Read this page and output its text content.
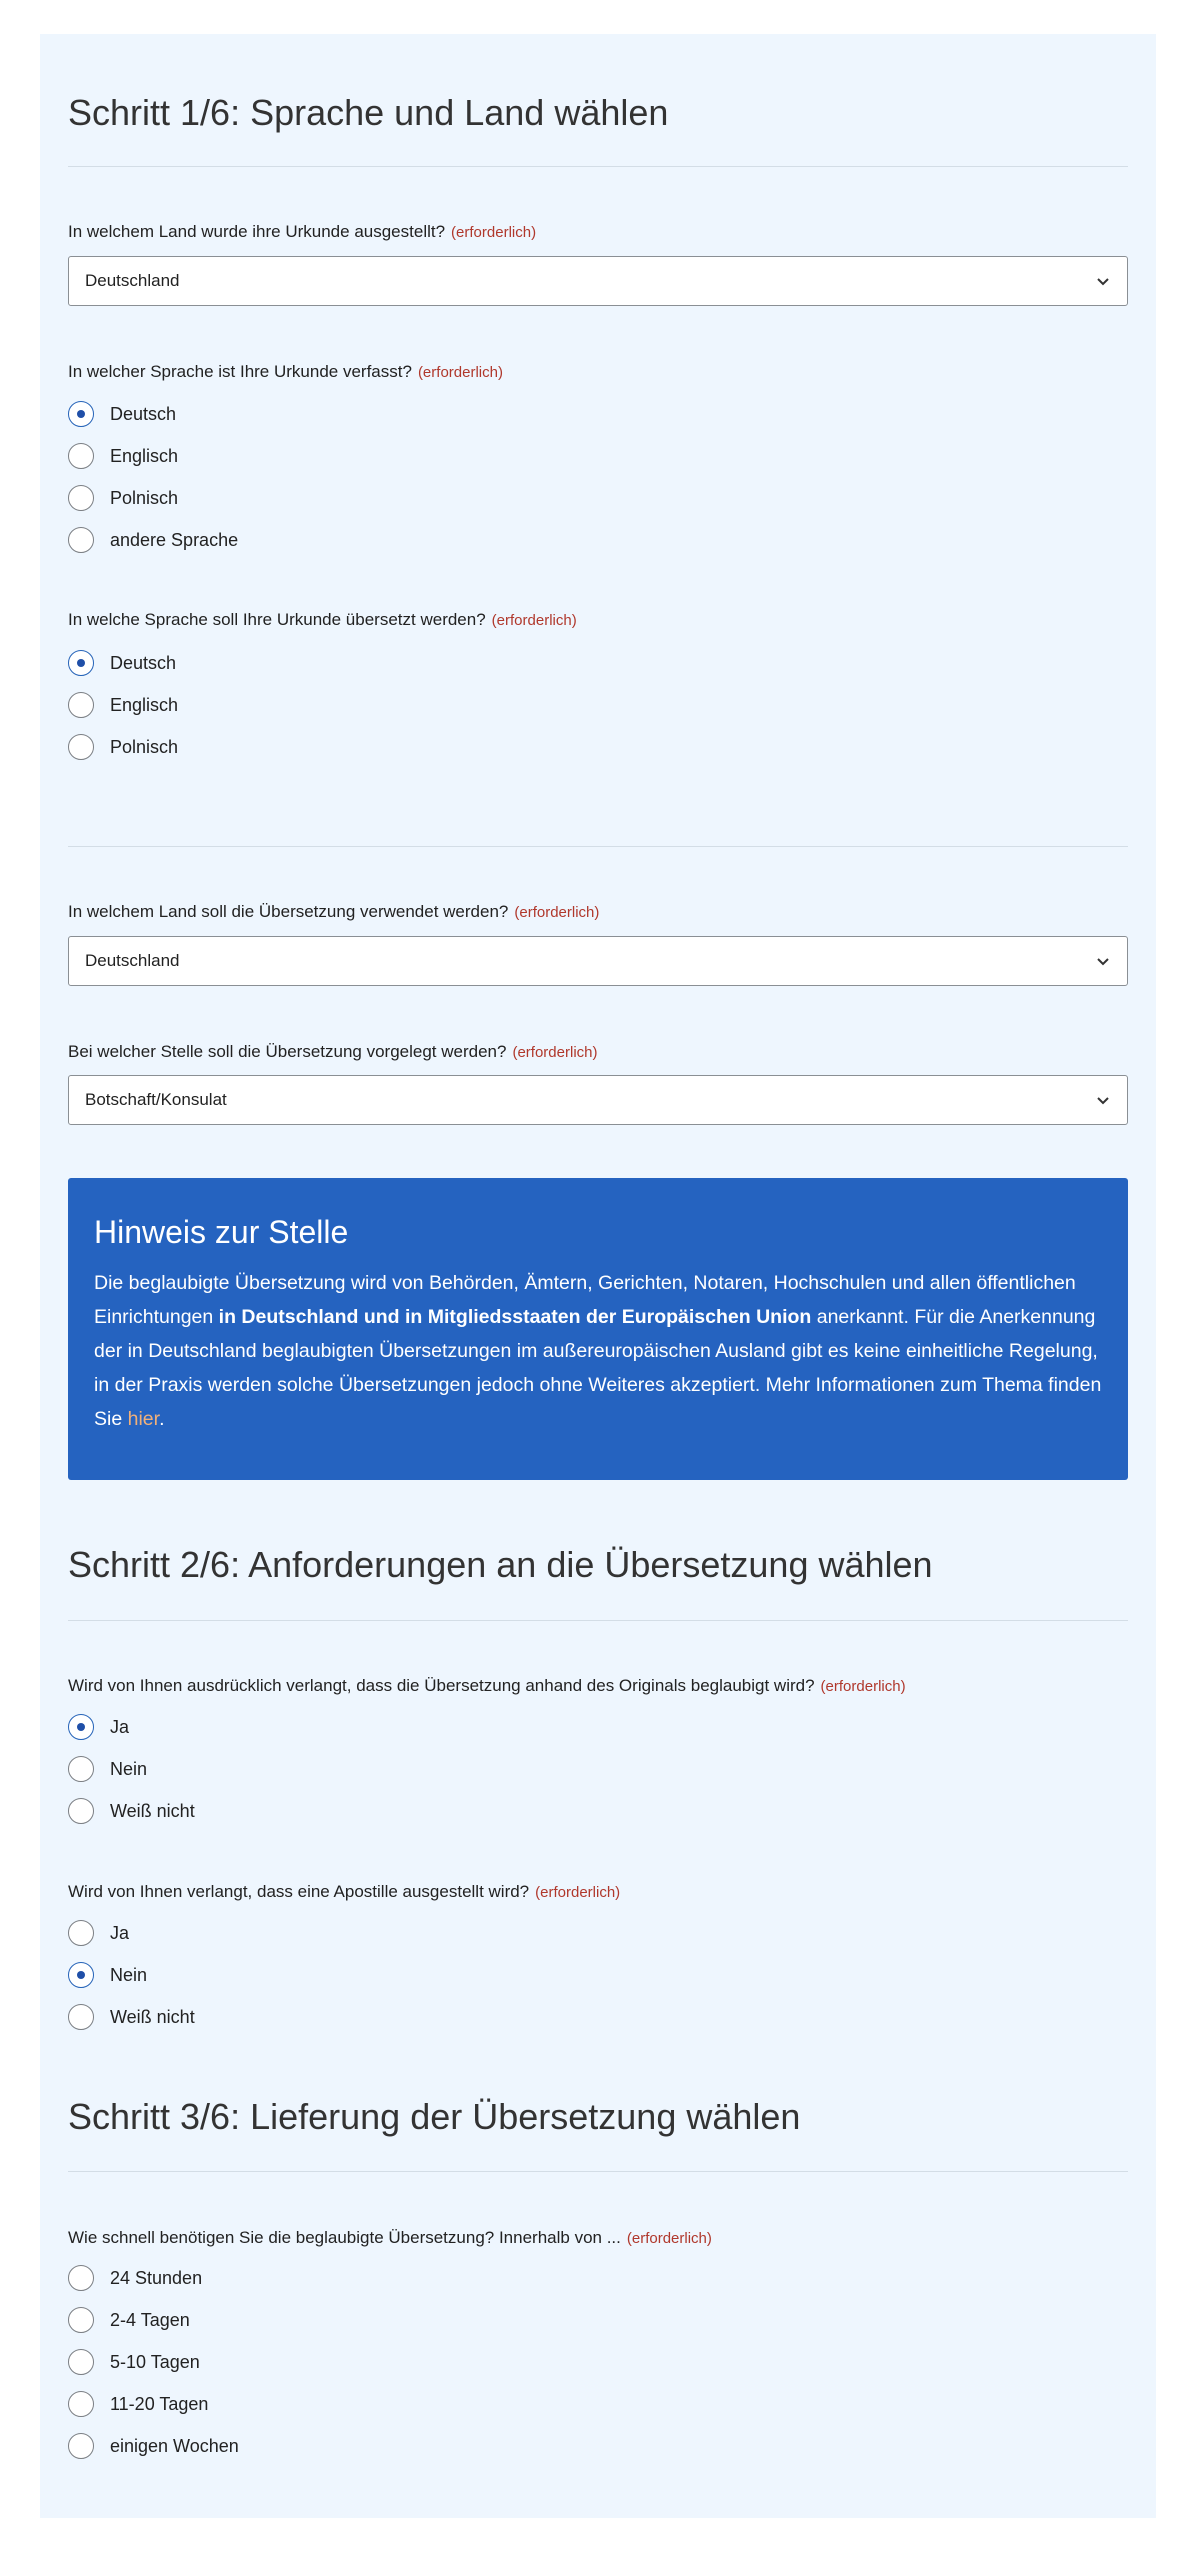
Schritt 1/6: Sprache und Land wählen
In welchem Land wurde ihre Urkunde ausgestellt? (erforderlich)
Deutschland
In welcher Sprache ist Ihre Urkunde verfasst? (erforderlich)
In welche Sprache soll Ihre Urkunde übersetzt werden? (erforderlich)
In welchem Land soll die Übersetzung verwendet werden? (erforderlich)
Deutschland
Bei welcher Stelle soll die Übersetzung vorgelegt werden? (erforderlich)
Botschaft/Konsulat
Hinweis zur Stelle

Die beglaubigte Übersetzung wird von Behörden, Ämtern, Gerichten, Notaren, Hochschulen und allen öffentlichen Einrichtungen in Deutschland und in Mitgliedsstaaten der Europäischen Union anerkannt. Für die Anerkennung der in Deutschland beglaubigten Übersetzungen im außereuropäischen Ausland gibt es keine einheitliche Regelung, in der Praxis werden solche Übersetzungen jedoch ohne Weiteres akzeptiert. Mehr Informationen zum Thema finden Sie hier.

Schritt 2/6: Anforderungen an die Übersetzung wählen
Wird von Ihnen ausdrücklich verlangt, dass die Übersetzung anhand des Originals beglaubigt wird? (erforderlich)
Wird von Ihnen verlangt, dass eine Apostille ausgestellt wird? (erforderlich)
Schritt 3/6: Lieferung der Übersetzung wählen
Wie schnell benötigen Sie die beglaubigte Übersetzung? Innerhalb von ... (erforderlich)
Deutsch
Englisch
Polnisch
andere Sprache
Deutsch
Englisch
Polnisch
Ja
Nein
Weiß nicht
Ja
Nein
Weiß nicht
24 Stunden
2-4 Tagen
5-10 Tagen
11-20 Tagen
einigen Wochen
